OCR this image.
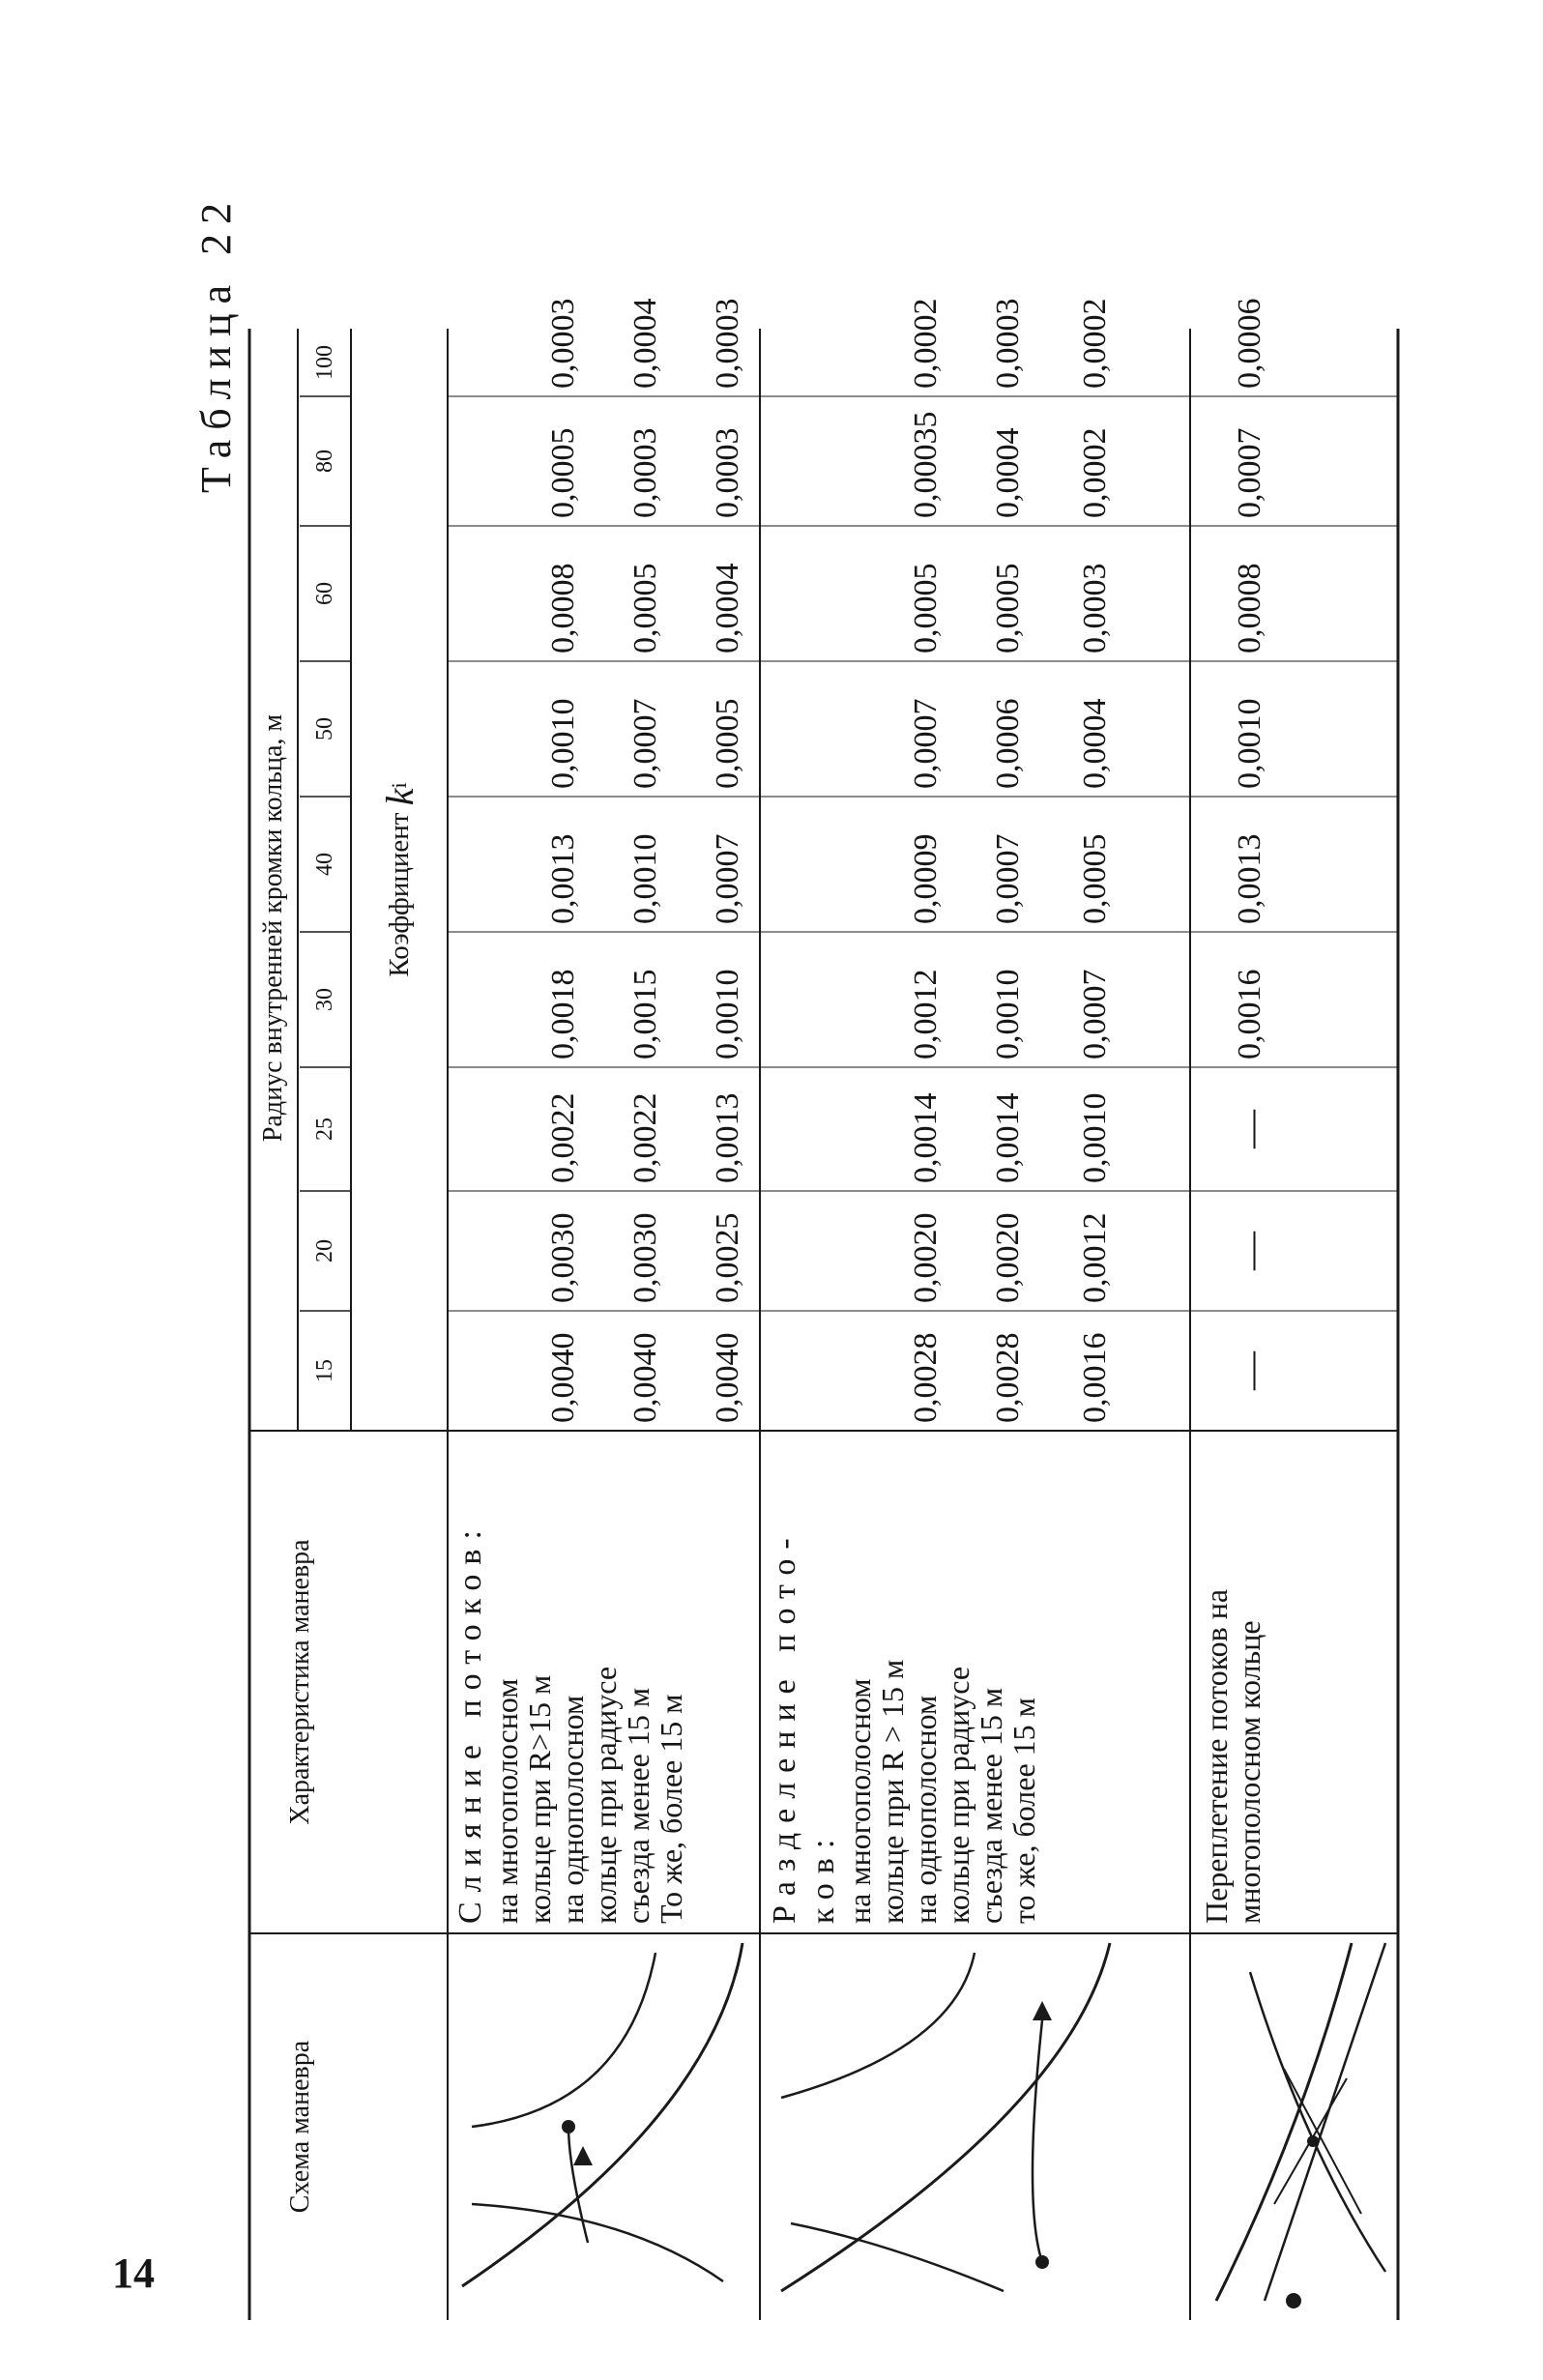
14
Таблица 22
Схема маневра
Характеристика маневра
Радиус внутренней кромки кольца, м
15
20
25
30
40
50
60
80
100
Коэффициент

k
i
Слияние потоков: на многополосном
кольце при R>15 м
на однополосном
кольце при радиусе
съезда менее 15 м
То же, более 15 м Разделение пото-ков: на многополосном
кольце при R > 15 м
на однополосном
кольце при радиусе
съезда менее 15 м
то же, более 15 м	Переплетение потоков на многополосном кольце
0,0040
0,0030
0,0022
0,0018
0,0013
0,0010
0,0008
0,0005
0,0003
0,0040
0,0030
0,0022
0,0015
0,0010
0,0007
0,0005
0,0003
0,0004
0,0040
0,0025
0,0013
0,0010
0,0007
0,0005
0,0004
0,0003
0,0003
0,0028
0,0020
0,0014
0,0012
0,0009
0,0007
0,0005
0,00035
0,0002
0,0028
0,0020
0,0014
0,0010
0,0007
0,0006
0,0005
0,0004
0,0003
0,0016
0,0012
0,0010
0,0007
0,0005
0,0004
0,0003
0,0002
0,0002
—
—
—
0,0016
0,0013
0,0010
0,0008
0,0007
0,0006
